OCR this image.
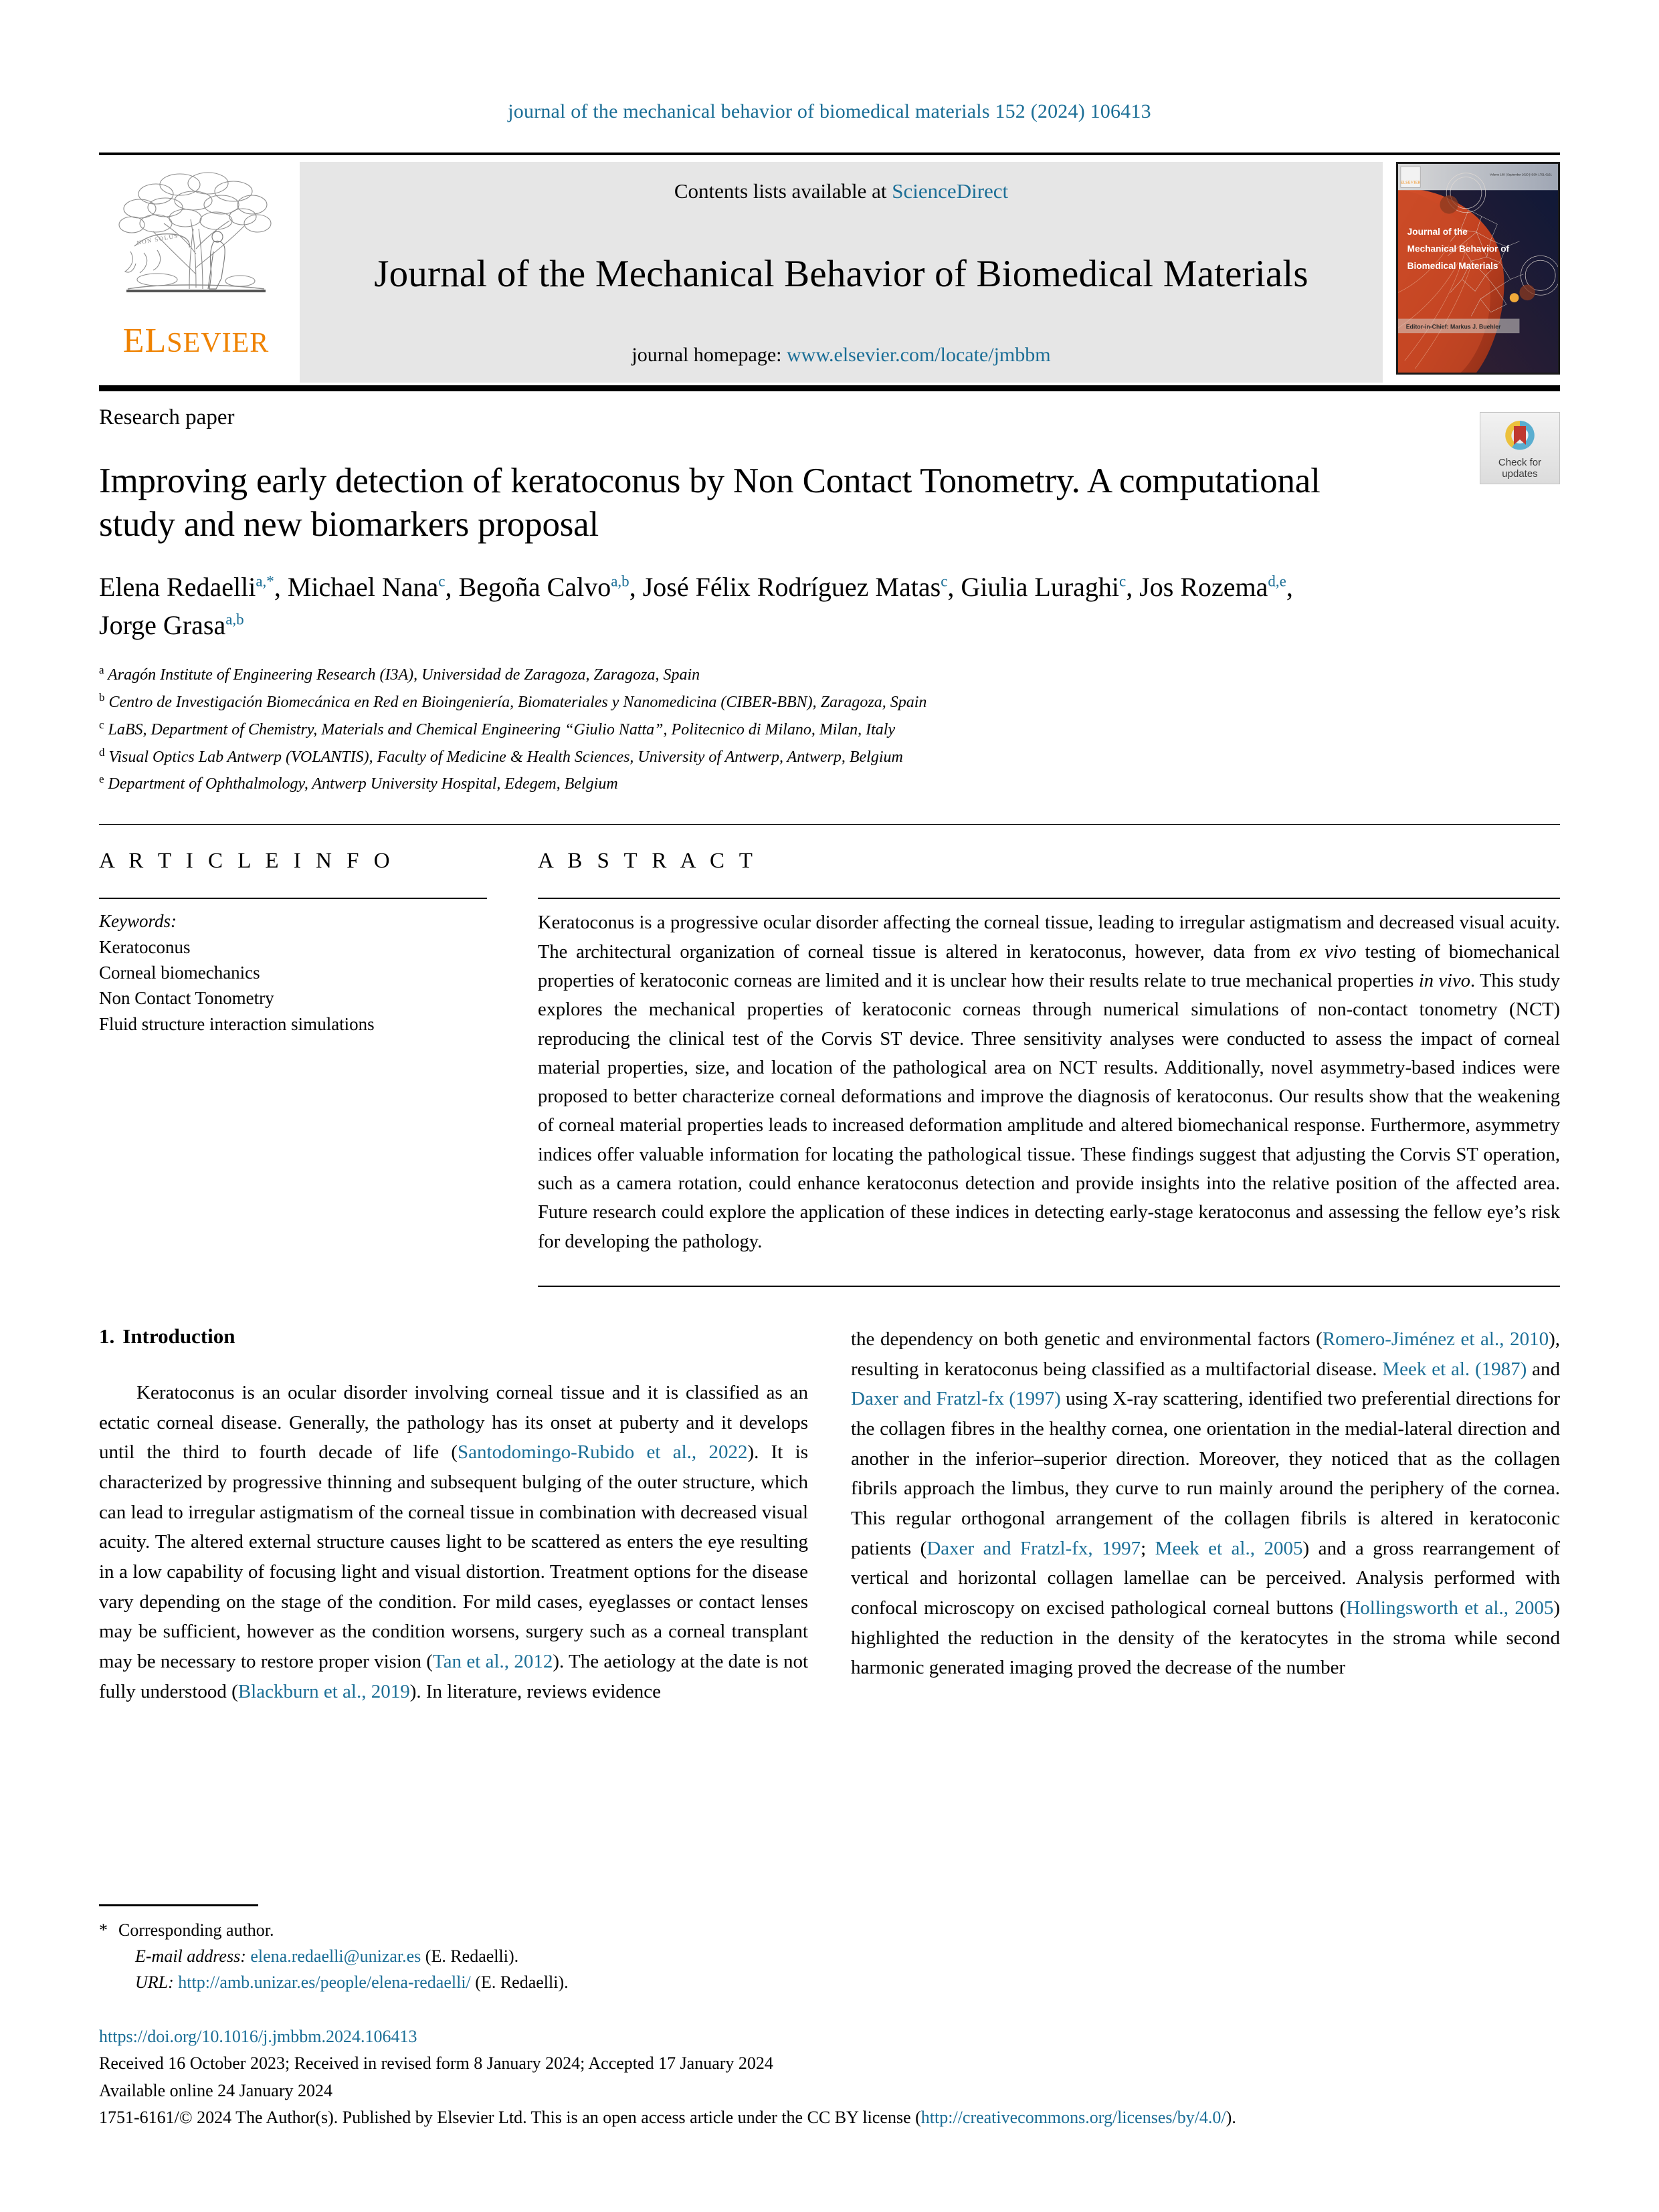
journal of the mechanical behavior of biomedical materials 152 (2024) 106413
NON SOLUS
ELSEVIER
Contents lists available at ScienceDirect
Journal of the Mechanical Behavior of Biomedical Materials
journal homepage: www.elsevier.com/locate/jmbbm
ELSEVIER
Volume 109 | September 2020 | ISSN 1751-6161
Journal of the
Mechanical Behavior of
Biomedical Materials
Editor-in-Chief: Markus J. Buehler
Check for
updates
Research paper
Improving early detection of keratoconus by Non Contact Tonometry. A computational study and new biomarkers proposal
Elena Redaelli$^{a,*}$, Michael Nana$^c$, Begoña Calvo$^{a,b}$, José Félix Rodríguez Matas$^c$, Giulia Luraghi$^c$, Jos Rozema$^{d,e}$, Jorge Grasa$^{a,b}$
$^a$ Aragón Institute of Engineering Research (I3A), Universidad de Zaragoza, Zaragoza, Spain
$^b$ Centro de Investigación Biomecánica en Red en Bioingeniería, Biomateriales y Nanomedicina (CIBER-BBN), Zaragoza, Spain
$^c$ LaBS, Department of Chemistry, Materials and Chemical Engineering “Giulio Natta”, Politecnico di Milano, Milan, Italy
$^d$ Visual Optics Lab Antwerp (VOLANTIS), Faculty of Medicine & Health Sciences, University of Antwerp, Antwerp, Belgium
$^e$ Department of Ophthalmology, Antwerp University Hospital, Edegem, Belgium
A R T I C L E I N F O
Keywords:
Keratoconus
Corneal biomechanics
Non Contact Tonometry
Fluid structure interaction simulations
A B S T R A C T
Keratoconus is a progressive ocular disorder affecting the corneal tissue, leading to irregular astigmatism and decreased visual acuity. The architectural organization of corneal tissue is altered in keratoconus, however, data from ex vivo testing of biomechanical properties of keratoconic corneas are limited and it is unclear how their results relate to true mechanical properties in vivo. This study explores the mechanical properties of keratoconic corneas through numerical simulations of non-contact tonometry (NCT) reproducing the clinical test of the Corvis ST device. Three sensitivity analyses were conducted to assess the impact of corneal material properties, size, and location of the pathological area on NCT results. Additionally, novel asymmetry-based indices were proposed to better characterize corneal deformations and improve the diagnosis of keratoconus. Our results show that the weakening of corneal material properties leads to increased deformation amplitude and altered biomechanical response. Furthermore, asymmetry indices offer valuable information for locating the pathological tissue. These findings suggest that adjusting the Corvis ST operation, such as a camera rotation, could enhance keratoconus detection and provide insights into the relative position of the affected area. Future research could explore the application of these indices in detecting early-stage keratoconus and assessing the fellow eye’s risk for developing the pathology.
1. Introduction

Keratoconus is an ocular disorder involving corneal tissue and it is classified as an ectatic corneal disease. Generally, the pathology has its onset at puberty and it develops until the third to fourth decade of life (Santodomingo-Rubido et al., 2022). It is characterized by progressive thinning and subsequent bulging of the outer structure, which can lead to irregular astigmatism of the corneal tissue in combination with decreased visual acuity. The altered external structure causes light to be scattered as enters the eye resulting in a low capability of focusing light and visual distortion. Treatment options for the disease vary depending on the stage of the condition. For mild cases, eyeglasses or contact lenses may be sufficient, however as the condition worsens, surgery such as a corneal transplant may be necessary to restore proper vision (Tan et al., 2012). The aetiology at the date is not fully understood (Blackburn et al., 2019). In literature, reviews evidence

the dependency on both genetic and environmental factors (Romero-Jiménez et al., 2010), resulting in keratoconus being classified as a multifactorial disease. Meek et al. (1987) and Daxer and Fratzl-fx (1997) using X-ray scattering, identified two preferential directions for the collagen fibres in the healthy cornea, one orientation in the medial-lateral direction and another in the inferior–superior direction. Moreover, they noticed that as the collagen fibrils approach the limbus, they curve to run mainly around the periphery of the cornea. This regular orthogonal arrangement of the collagen fibrils is altered in keratoconic patients (Daxer and Fratzl-fx, 1997; Meek et al., 2005) and a gross rearrangement of vertical and horizontal collagen lamellae can be perceived. Analysis performed with confocal microscopy on excised pathological corneal buttons (Hollingsworth et al., 2005) highlighted the reduction in the density of the keratocytes in the stroma while second harmonic generated imaging proved the decrease of the number

* Corresponding author.
E-mail address: elena.redaelli@unizar.es (E. Redaelli).
URL: http://amb.unizar.es/people/elena-redaelli/ (E. Redaelli).
https://doi.org/10.1016/j.jmbbm.2024.106413
Received 16 October 2023; Received in revised form 8 January 2024; Accepted 17 January 2024
Available online 24 January 2024
1751-6161/© 2024 The Author(s). Published by Elsevier Ltd. This is an open access article under the CC BY license (http://creativecommons.org/licenses/by/4.0/).
